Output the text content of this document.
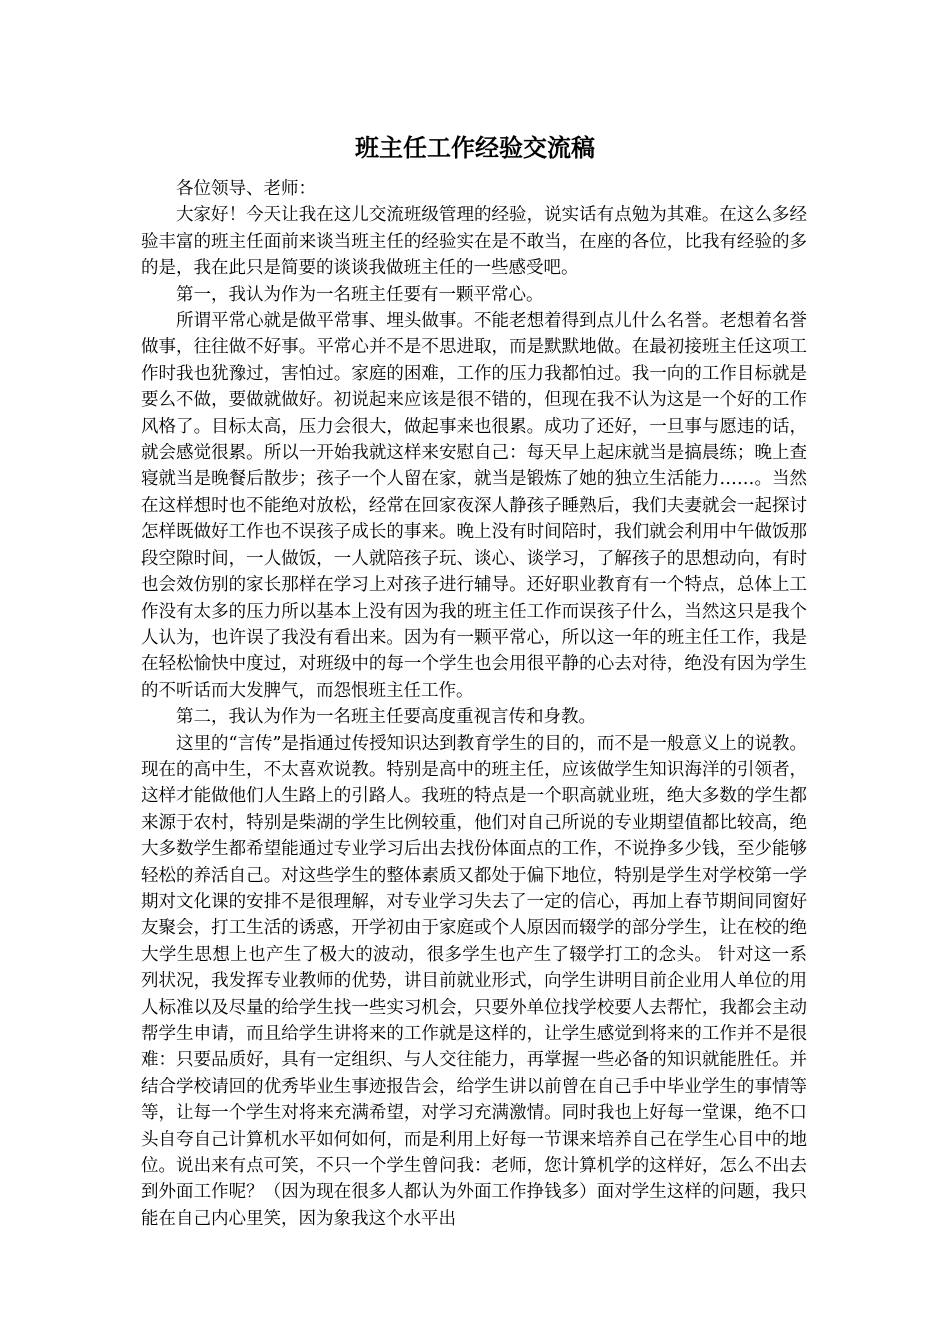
班主任工作经验交流稿

各位领导、老师：

大家好！今天让我在这儿交流班级管理的经验，说实话有点勉为其难。在这么多经验丰富的班主任面前来谈当班主任的经验实在是不敢当，在座的各位，比我有经验的多的是，我在此只是简要的谈谈我做班主任的一些感受吧。

第一，我认为作为一名班主任要有一颗平常心。

所谓平常心就是做平常事、埋头做事。不能老想着得到点儿什么名誉。老想着名誉做事，往往做不好事。平常心并不是不思进取，而是默默地做。在最初接班主任这项工作时我也犹豫过，害怕过。家庭的困难，工作的压力我都怕过。我一向的工作目标就是要么不做，要做就做好。初说起来应该是很不错的，但现在我不认为这是一个好的工作风格了。目标太高，压力会很大，做起事来也很累。成功了还好，一旦事与愿违的话，就会感觉很累。所以一开始我就这样来安慰自己：每天早上起床就当是搞晨练；晚上查寝就当是晚餐后散步；孩子一个人留在家，就当是锻炼了她的独立生活能力……。当然在这样想时也不能绝对放松，经常在回家夜深人静孩子睡熟后，我们夫妻就会一起探讨怎样既做好工作也不误孩子成长的事来。晚上没有时间陪时，我们就会利用中午做饭那段空隙时间，一人做饭，一人就陪孩子玩、谈心、谈学习，了解孩子的思想动向，有时也会效仿别的家长那样在学习上对孩子进行辅导。还好职业教育有一个特点，总体上工作没有太多的压力所以基本上没有因为我的班主任工作而误孩子什么，当然这只是我个人认为，也许误了我没有看出来。因为有一颗平常心，所以这一年的班主任工作，我是在轻松愉快中度过，对班级中的每一个学生也会用很平静的心去对待，绝没有因为学生的不听话而大发脾气，而怨恨班主任工作。

第二，我认为作为一名班主任要高度重视言传和身教。

这里的“言传”是指通过传授知识达到教育学生的目的，而不是一般意义上的说教。现在的高中生，不太喜欢说教。特别是高中的班主任，应该做学生知识海洋的引领者，这样才能做他们人生路上的引路人。我班的特点是一个职高就业班，绝大多数的学生都来源于农村，特别是柴湖的学生比例较重，他们对自己所说的专业期望值都比较高，绝大多数学生都希望能通过专业学习后出去找份体面点的工作，不说挣多少钱，至少能够轻松的养活自己。对这些学生的整体素质又都处于偏下地位，特别是学生对学校第一学期对文化课的安排不是很理解，对专业学习失去了一定的信心，再加上春节期间同窗好友聚会，打工生活的诱惑，开学初由于家庭或个人原因而辍学的部分学生，让在校的绝大学生思想上也产生了极大的波动，很多学生也产生了辍学打工的念头。 针对这一系列状况，我发挥专业教师的优势，讲目前就业形式，向学生讲明目前企业用人单位的用人标准以及尽量的给学生找一些实习机会，只要外单位找学校要人去帮忙，我都会主动帮学生申请，而且给学生讲将来的工作就是这样的，让学生感觉到将来的工作并不是很难：只要品质好，具有一定组织、与人交往能力，再掌握一些必备的知识就能胜任。并结合学校请回的优秀毕业生事迹报告会，给学生讲以前曾在自己手中毕业学生的事情等等，让每一个学生对将来充满希望，对学习充满激情。同时我也上好每一堂课，绝不口头自夸自己计算机水平如何如何，而是利用上好每一节课来培养自己在学生心目中的地位。说出来有点可笑，不只一个学生曾问我：老师，您计算机学的这样好，怎么不出去到外面工作呢？（因为现在很多人都认为外面工作挣钱多）面对学生这样的问题，我只能在自己内心里笑，因为象我这个水平出
